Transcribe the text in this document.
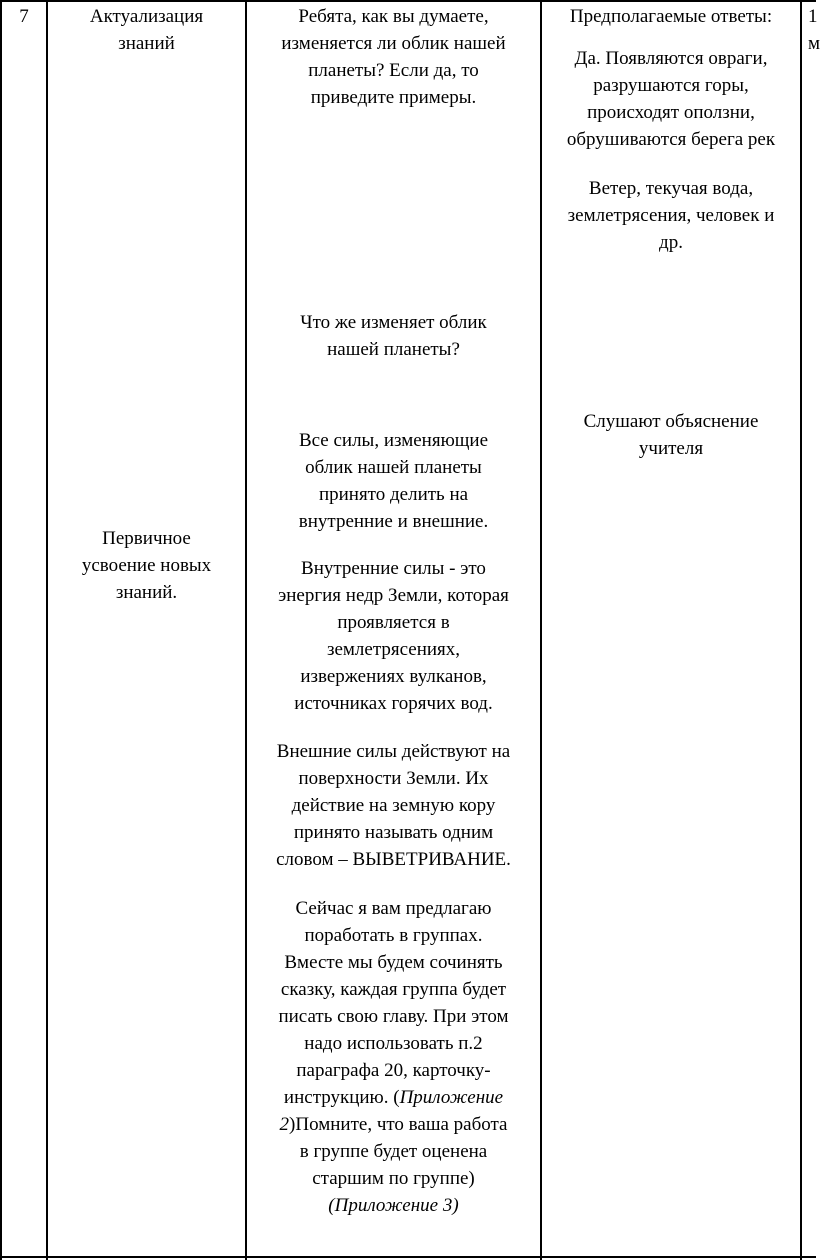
7	Актуализация
знаний
Первичное
усвоение новых
знаний.
Ребята, как вы думаете,
изменяется ли облик нашей
планеты? Если да, то
приведите примеры.
Что же изменяет облик
нашей планеты?
Все силы, изменяющие
облик нашей планеты
принято делить на
внутренние и внешние.
Внутренние силы - это
энергия недр Земли, которая
проявляется в
землетрясениях,
извержениях вулканов,
источниках горячих вод.
Внешние силы действуют на
поверхности Земли. Их
действие на земную кору
принято называть одним
словом – ВЫВЕТРИВАНИЕ.
Сейчас я вам предлагаю
поработать в группах.
Вместе мы будем сочинять
сказку, каждая группа будет
писать свою главу. При этом
надо использовать п.2
параграфа 20, карточку-
инструкцию. (Приложение
2)Помните, что ваша работа
в группе будет оценена
старшим по группе)
(Приложение 3)
Предполагаемые ответы:
Да. Появляются овраги,
разрушаются горы,
происходят оползни,
обрушиваются берега рек
Ветер, текучая вода,
землетрясения, человек и
др.
Слушают объяснение
учителя
1
м
